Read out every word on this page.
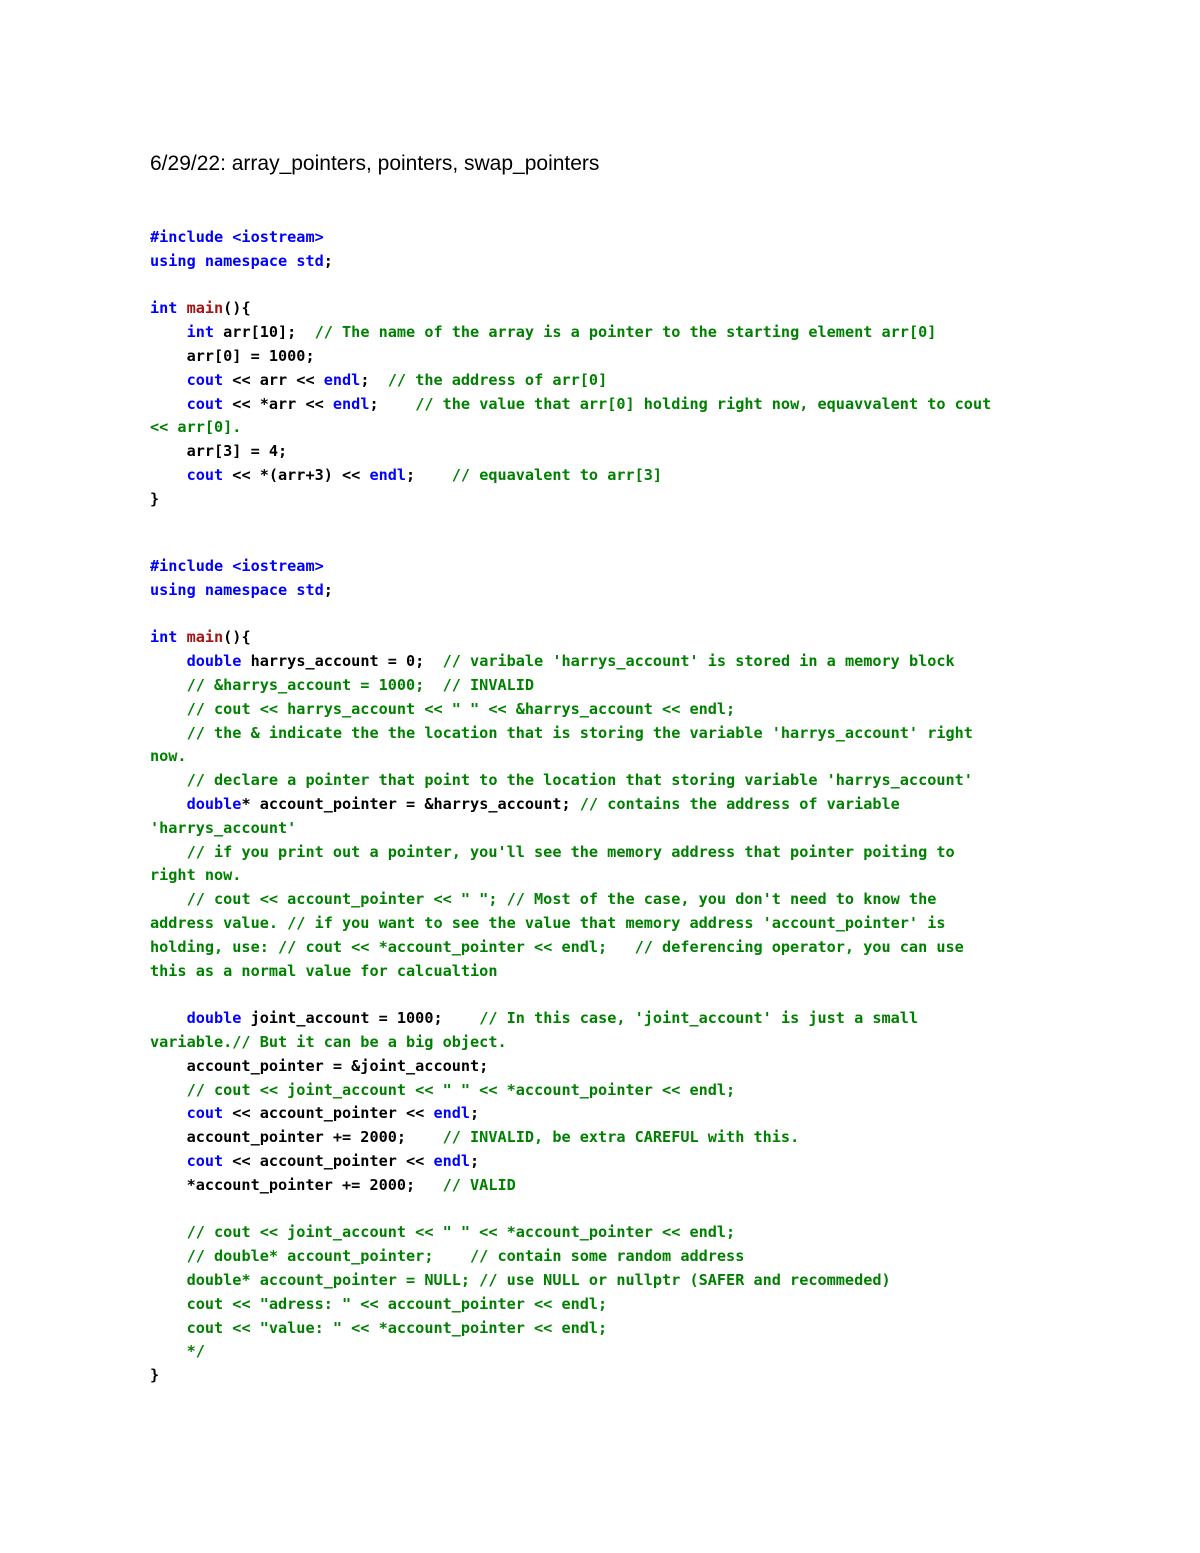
6/29/22: array_pointers, pointers, swap_pointers
#include <iostream>
using namespace std;
int main(){
int arr[10];  // The name of the array is a pointer to the starting element arr[0]
arr[0] = 1000;
cout << arr << endl;  // the address of arr[0]
cout << *arr << endl;    // the value that arr[0] holding right now, equavvalent to cout
<< arr[0].
arr[3] = 4;
cout << *(arr+3) << endl;    // equavalent to arr[3]
}
#include <iostream>
using namespace std;
int main(){
double harrys_account = 0;  // varibale 'harrys_account' is stored in a memory block
// &harrys_account = 1000;  // INVALID
// cout << harrys_account << " " << &harrys_account << endl;
// the & indicate the the location that is storing the variable 'harrys_account' right
now.
// declare a pointer that point to the location that storing variable 'harrys_account'
double* account_pointer = &harrys_account; // contains the address of variable
'harrys_account'
// if you print out a pointer, you'll see the memory address that pointer poiting to
right now.
// cout << account_pointer << " "; // Most of the case, you don't need to know the
address value. // if you want to see the value that memory address 'account_pointer' is
holding, use: // cout << *account_pointer << endl;   // deferencing operator, you can use
this as a normal value for calcualtion
double joint_account = 1000;    // In this case, 'joint_account' is just a small
variable.// But it can be a big object.
account_pointer = &joint_account;
// cout << joint_account << " " << *account_pointer << endl;
cout << account_pointer << endl;
account_pointer += 2000;    // INVALID, be extra CAREFUL with this.
cout << account_pointer << endl;
*account_pointer += 2000;   // VALID
// cout << joint_account << " " << *account_pointer << endl;
// double* account_pointer;    // contain some random address
double* account_pointer = NULL; // use NULL or nullptr (SAFER and recommeded)
cout << "adress: " << account_pointer << endl;
cout << "value: " << *account_pointer << endl;
*/
}
